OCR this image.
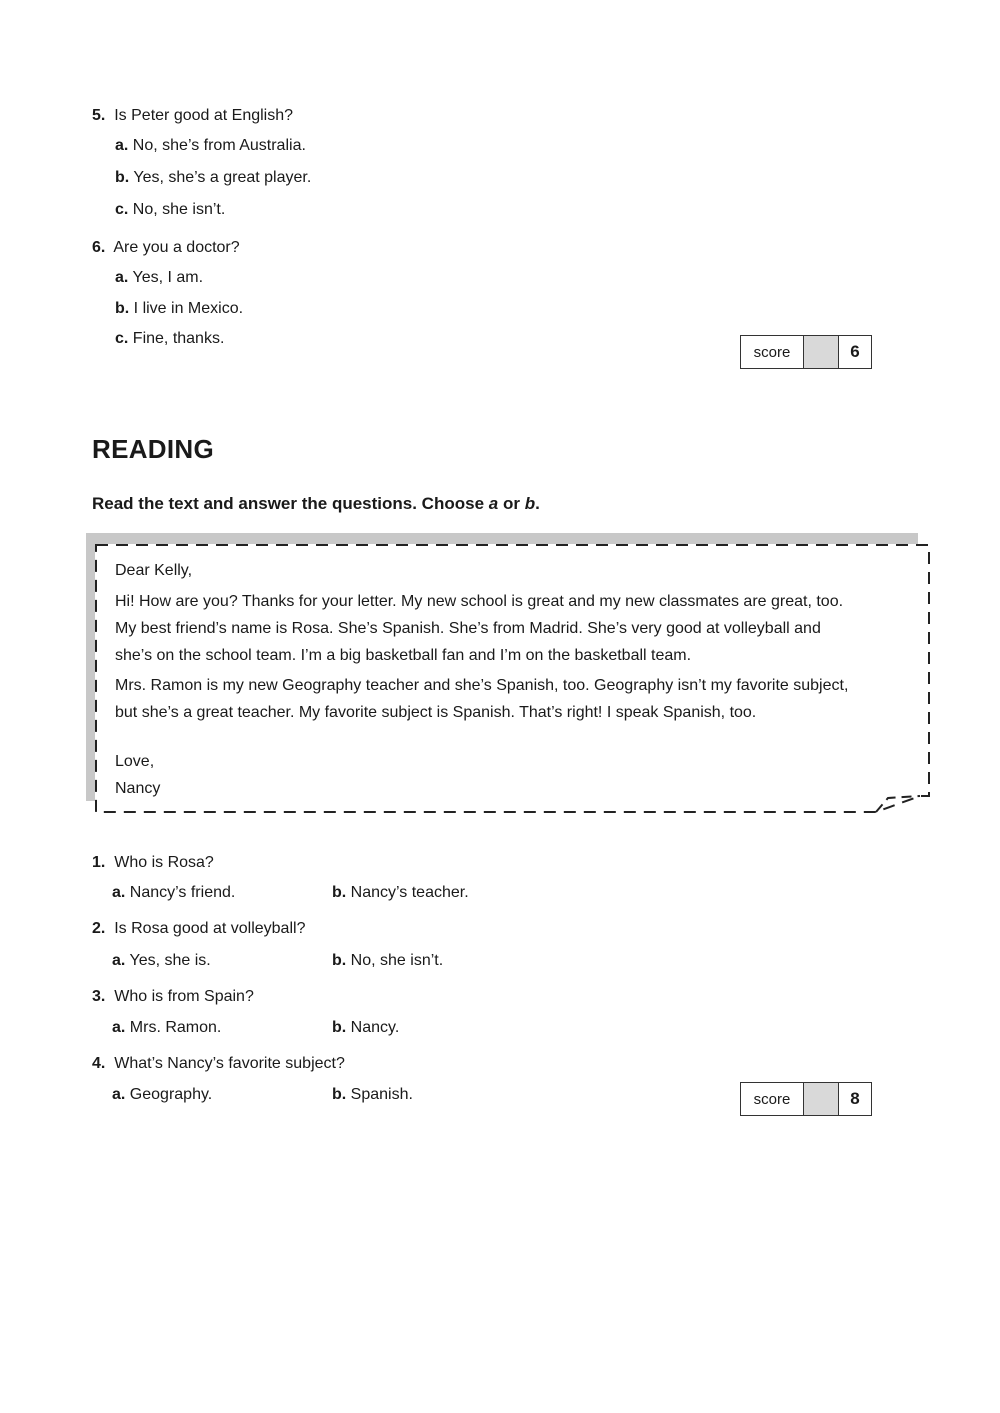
5. Is Peter good at English?
a. No, she’s from Australia.
b. Yes, she’s a great player.
c. No, she isn’t.
6. Are you a doctor?
a. Yes, I am.
b. I live in Mexico.
c. Fine, thanks.
score	6
READING
Read the text and answer the questions. Choose a or b.
Dear Kelly,
Hi! How are you? Thanks for your letter. My new school is great and my new classmates are great, too.
My best friend’s name is Rosa. She’s Spanish. She’s from Madrid. She’s very good at volleyball and
she’s on the school team. I’m a big basketball fan and I’m on the basketball team.
Mrs. Ramon is my new Geography teacher and she’s Spanish, too. Geography isn’t my favorite subject,
but she’s a great teacher. My favorite subject is Spanish. That’s right! I speak Spanish, too.
Love,
Nancy
1. Who is Rosa?
a. Nancy’s friend.	b. Nancy’s teacher.
2. Is Rosa good at volleyball?
a. Yes, she is.	b. No, she isn’t.
3. Who is from Spain?
a. Mrs. Ramon.	b. Nancy.
4. What’s Nancy’s favorite subject?
a. Geography.	b. Spanish.	score	8
